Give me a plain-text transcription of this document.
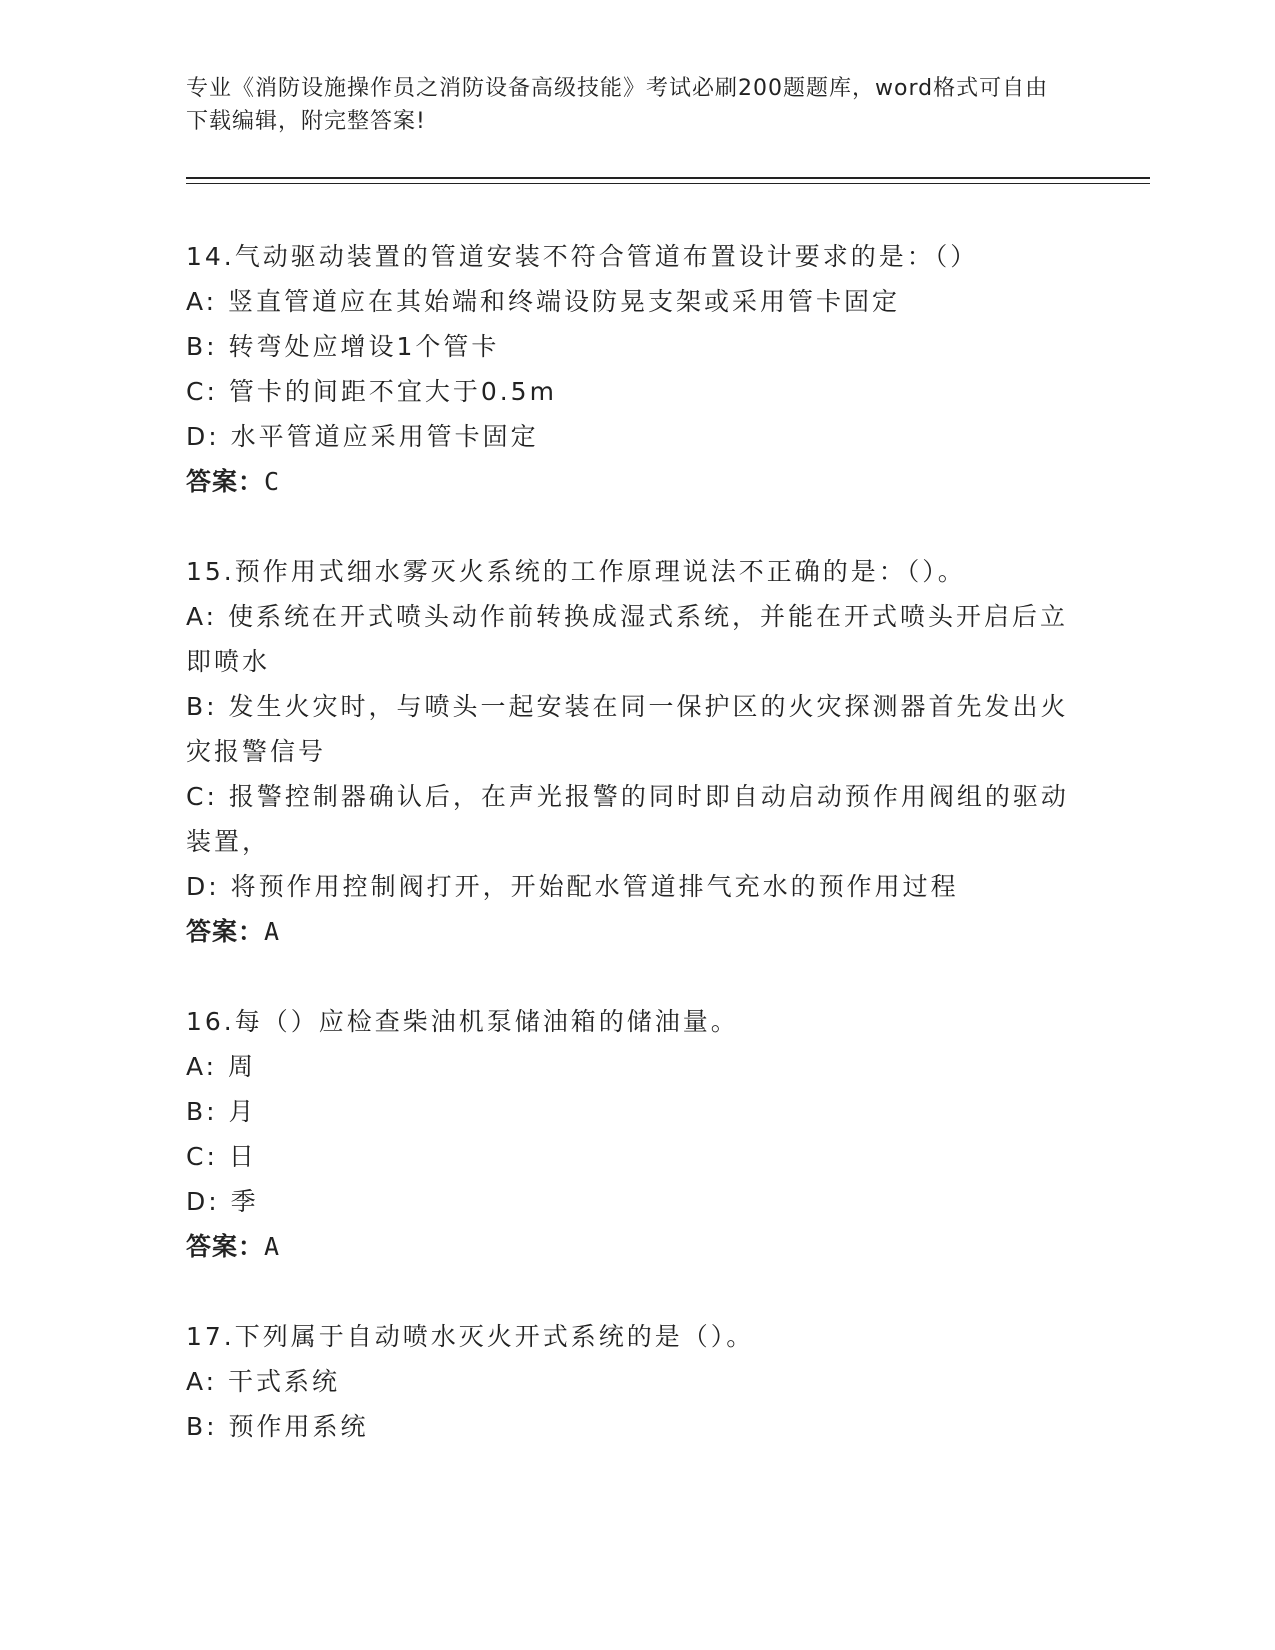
专业《消防设施操作员之消防设备高级技能》考试必刷200题题库，word格式可自由下载编辑，附完整答案!
14.气动驱动装置的管道安装不符合管道布置设计要求的是：（）
A: 竖直管道应在其始端和终端设防晃支架或采用管卡固定
B: 转弯处应增设1个管卡
C: 管卡的间距不宜大于0.5m
D: 水平管道应采用管卡固定
答案：C
15.预作用式细水雾灭火系统的工作原理说法不正确的是：（）。
A: 使系统在开式喷头动作前转换成湿式系统，并能在开式喷头开启后立即喷水
B: 发生火灾时，与喷头一起安装在同一保护区的火灾探测器首先发出火灾报警信号
C: 报警控制器确认后，在声光报警的同时即自动启动预作用阀组的驱动装置，
D: 将预作用控制阀打开，开始配水管道排气充水的预作用过程
答案：A
16.每（）应检查柴油机泵储油箱的储油量。
A: 周
B: 月
C: 日
D: 季
答案：A
17.下列属于自动喷水灭火开式系统的是（）。
A: 干式系统
B: 预作用系统
